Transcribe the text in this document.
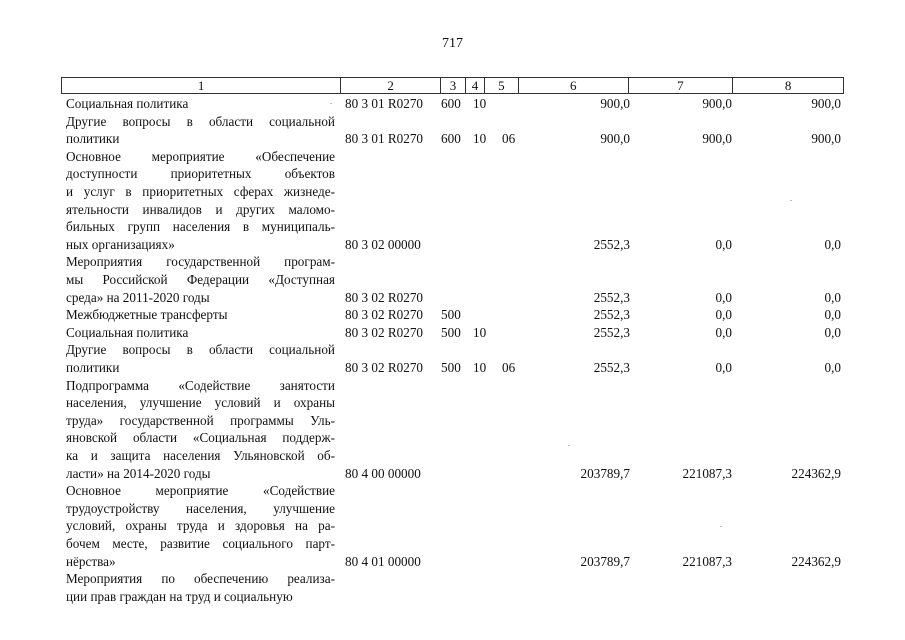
717
1	2	3	4	5	6	7	8
Социальная политика	80 3 01 R0270 600 10	900,0	900,0	900,0
Другие вопросы в области социальной
политики	80 3 01 R0270 600 10 06	900,0	900,0	900,0
Основное мероприятие «Обеспечение
доступности приоритетных объектов
и услуг в приоритетных сферах жизнеде-
ятельности инвалидов и других маломо-
бильных групп населения в муниципаль-
ных организациях»	80 3 02 00000	2552,3	0,0	0,0
Мероприятия государственной програм-
мы Российской Федерации «Доступная
среда» на 2011-2020 годы	80 3 02 R0270	2552,3	0,0	0,0
Межбюджетные трансферты	80 3 02 R0270 500	2552,3	0,0	0,0
Социальная политика	80 3 02 R0270 500 10	2552,3	0,0	0,0
Другие вопросы в области социальной
политики	80 3 02 R0270 500 10 06	2552,3	0,0	0,0
Подпрограмма «Содействие занятости
населения, улучшение условий и охраны
труда» государственной программы Уль-
яновской области «Социальная поддерж-
ка и защита населения Ульяновской об-
ласти» на 2014-2020 годы	80 4 00 00000	203789,7	221087,3	224362,9
Основное мероприятие «Содействие
трудоустройству населения, улучшение
условий, охраны труда и здоровья на ра-
бочем месте, развитие социального парт-
нёрства»	80 4 01 00000	203789,7	221087,3	224362,9
Мероприятия по обеспечению реализа-
ции прав граждан на труд и социальную
